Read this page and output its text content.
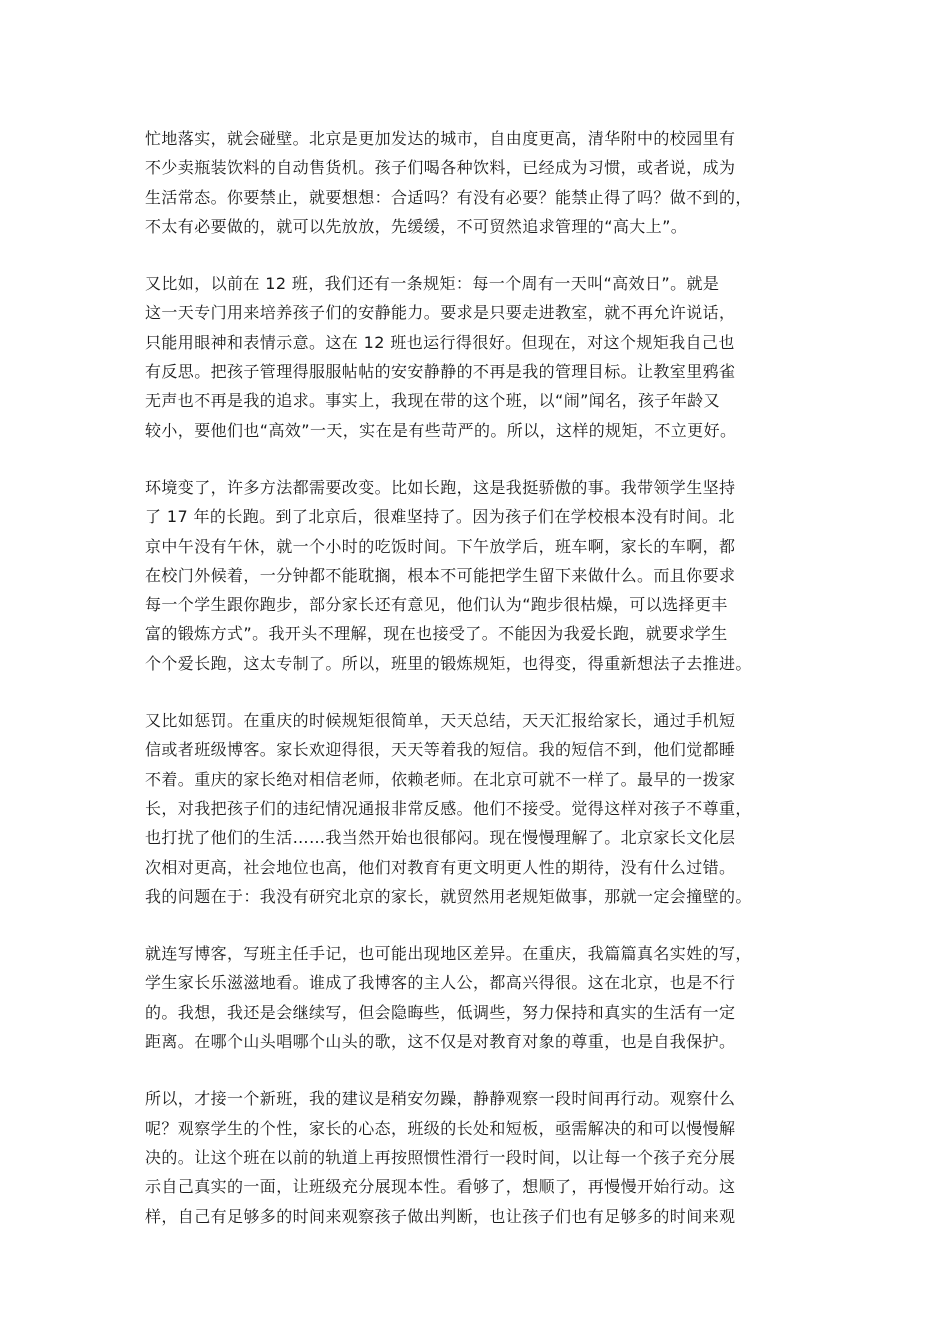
忙地落实，就会碰壁。北京是更加发达的城市，自由度更高，清华附中的校园里有
不少卖瓶装饮料的自动售货机。孩子们喝各种饮料，已经成为习惯，或者说，成为
生活常态。你要禁止，就要想想：合适吗？有没有必要？能禁止得了吗？做不到的，
不太有必要做的，就可以先放放，先缓缓，不可贸然追求管理的“高大上”。
又比如，以前在 12 班，我们还有一条规矩：每一个周有一天叫“高效日”。就是
这一天专门用来培养孩子们的安静能力。要求是只要走进教室，就不再允许说话，
只能用眼神和表情示意。这在 12 班也运行得很好。但现在，对这个规矩我自己也
有反思。把孩子管理得服服帖帖的安安静静的不再是我的管理目标。让教室里鸦雀
无声也不再是我的追求。事实上，我现在带的这个班，以“闹”闻名，孩子年龄又
较小，要他们也“高效”一天，实在是有些苛严的。所以，这样的规矩，不立更好。
环境变了，许多方法都需要改变。比如长跑，这是我挺骄傲的事。我带领学生坚持
了 17 年的长跑。到了北京后，很难坚持了。因为孩子们在学校根本没有时间。北
京中午没有午休，就一个小时的吃饭时间。下午放学后，班车啊，家长的车啊，都
在校门外候着，一分钟都不能耽搁，根本不可能把学生留下来做什么。而且你要求
每一个学生跟你跑步，部分家长还有意见，他们认为“跑步很枯燥，可以选择更丰
富的锻炼方式”。我开头不理解，现在也接受了。不能因为我爱长跑，就要求学生
个个爱长跑，这太专制了。所以，班里的锻炼规矩，也得变，得重新想法子去推进。
又比如惩罚。在重庆的时候规矩很简单，天天总结，天天汇报给家长，通过手机短
信或者班级博客。家长欢迎得很，天天等着我的短信。我的短信不到，他们觉都睡
不着。重庆的家长绝对相信老师，依赖老师。在北京可就不一样了。最早的一拨家
长，对我把孩子们的违纪情况通报非常反感。他们不接受。觉得这样对孩子不尊重，
也打扰了他们的生活……我当然开始也很郁闷。现在慢慢理解了。北京家长文化层
次相对更高，社会地位也高，他们对教育有更文明更人性的期待，没有什么过错。
我的问题在于：我没有研究北京的家长，就贸然用老规矩做事，那就一定会撞壁的。
就连写博客，写班主任手记，也可能出现地区差异。在重庆，我篇篇真名实姓的写，
学生家长乐滋滋地看。谁成了我博客的主人公，都高兴得很。这在北京，也是不行
的。我想，我还是会继续写，但会隐晦些，低调些，努力保持和真实的生活有一定
距离。在哪个山头唱哪个山头的歌，这不仅是对教育对象的尊重，也是自我保护。
所以，才接一个新班，我的建议是稍安勿躁，静静观察一段时间再行动。观察什么
呢？观察学生的个性，家长的心态，班级的长处和短板，亟需解决的和可以慢慢解
决的。让这个班在以前的轨道上再按照惯性滑行一段时间，以让每一个孩子充分展
示自己真实的一面，让班级充分展现本性。看够了，想顺了，再慢慢开始行动。这
样，自己有足够多的时间来观察孩子做出判断，也让孩子们也有足够多的时间来观
